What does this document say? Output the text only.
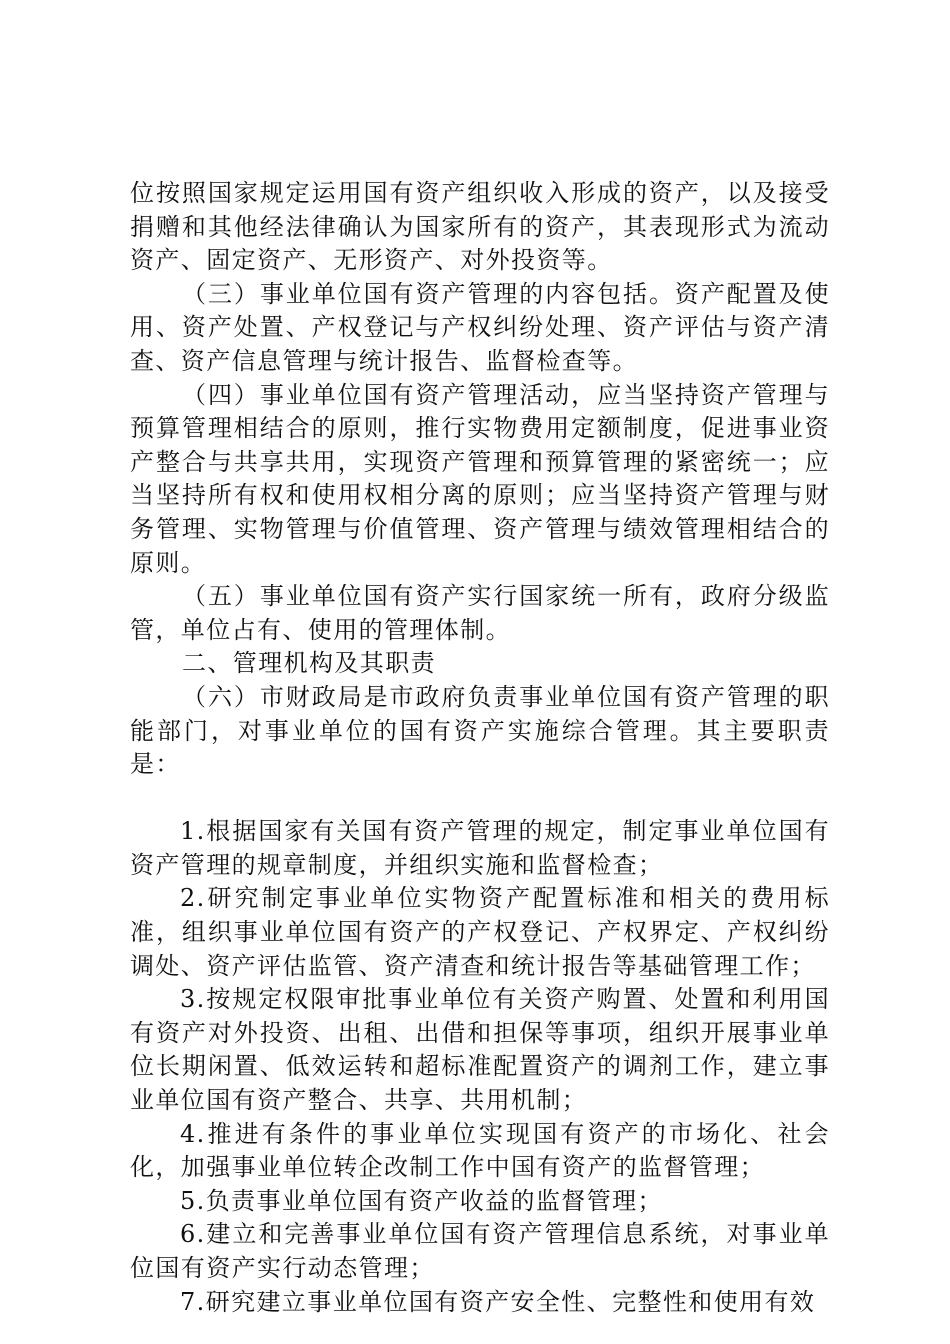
位按照国家规定运用国有资产组织收入形成的资产，以及接受捐赠和其他经法律确认为国家所有的资产，其表现形式为流动资产、固定资产、无形资产、对外投资等。

（三）事业单位国有资产管理的内容包括。资产配置及使用、资产处置、产权登记与产权纠纷处理、资产评估与资产清查、资产信息管理与统计报告、监督检查等。

（四）事业单位国有资产管理活动，应当坚持资产管理与预算管理相结合的原则，推行实物费用定额制度，促进事业资产整合与共享共用，实现资产管理和预算管理的紧密统一；应当坚持所有权和使用权相分离的原则；应当坚持资产管理与财务管理、实物管理与价值管理、资产管理与绩效管理相结合的原则。

（五）事业单位国有资产实行国家统一所有，政府分级监管，单位占有、使用的管理体制。

二、管理机构及其职责

（六）市财政局是市政府负责事业单位国有资产管理的职能部门，对事业单位的国有资产实施综合管理。其主要职责是：

1.根据国家有关国有资产管理的规定，制定事业单位国有资产管理的规章制度，并组织实施和监督检查；

2.研究制定事业单位实物资产配置标准和相关的费用标准，组织事业单位国有资产的产权登记、产权界定、产权纠纷调处、资产评估监管、资产清查和统计报告等基础管理工作；

3.按规定权限审批事业单位有关资产购置、处置和利用国有资产对外投资、出租、出借和担保等事项，组织开展事业单位长期闲置、低效运转和超标准配置资产的调剂工作，建立事业单位国有资产整合、共享、共用机制；

4.推进有条件的事业单位实现国有资产的市场化、社会化，加强事业单位转企改制工作中国有资产的监督管理；

5.负责事业单位国有资产收益的监督管理；

6.建立和完善事业单位国有资产管理信息系统，对事业单位国有资产实行动态管理；

7.研究建立事业单位国有资产安全性、完整性和使用有效
